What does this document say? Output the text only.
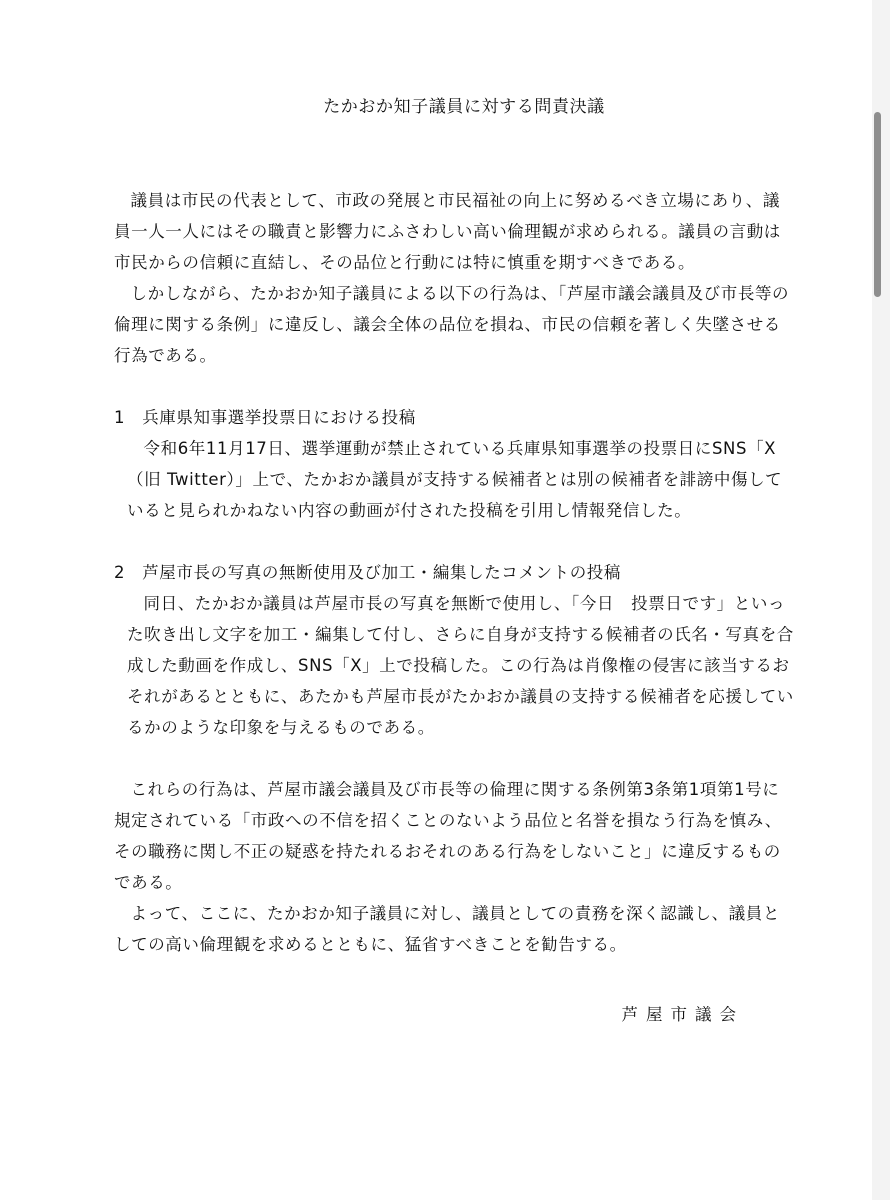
たかおか知子議員に対する問責決議

議員は市民の代表として、市政の発展と市民福祉の向上に努めるべき立場にあり、議員一人一人にはその職責と影響力にふさわしい高い倫理観が求められる。議員の言動は市民からの信頼に直結し、その品位と行動には特に慎重を期すべきである。

しかしながら、たかおか知子議員による以下の行為は、「芦屋市議会議員及び市長等の倫理に関する条例」に違反し、議会全体の品位を損ね、市民の信頼を著しく失墜させる行為である。

1　兵庫県知事選挙投票日における投稿

令和6年11月17日、選挙運動が禁止されている兵庫県知事選挙の投票日にSNS「X（旧 Twitter）」上で、たかおか議員が支持する候補者とは別の候補者を誹謗中傷していると見られかねない内容の動画が付された投稿を引用し情報発信した。

2　芦屋市長の写真の無断使用及び加工・編集したコメントの投稿

同日、たかおか議員は芦屋市長の写真を無断で使用し、「今日　投票日です」といった吹き出し文字を加工・編集して付し、さらに自身が支持する候補者の氏名・写真を合成した動画を作成し、SNS「X」上で投稿した。この行為は肖像権の侵害に該当するおそれがあるとともに、あたかも芦屋市長がたかおか議員の支持する候補者を応援しているかのような印象を与えるものである。

これらの行為は、芦屋市議会議員及び市長等の倫理に関する条例第3条第1項第1号に規定されている「市政への不信を招くことのないよう品位と名誉を損なう行為を慎み、その職務に関し不正の疑惑を持たれるおそれのある行為をしないこと」に違反するものである。

よって、ここに、たかおか知子議員に対し、議員としての責務を深く認識し、議員としての高い倫理観を求めるとともに、猛省すべきことを勧告する。

芦屋市議会
